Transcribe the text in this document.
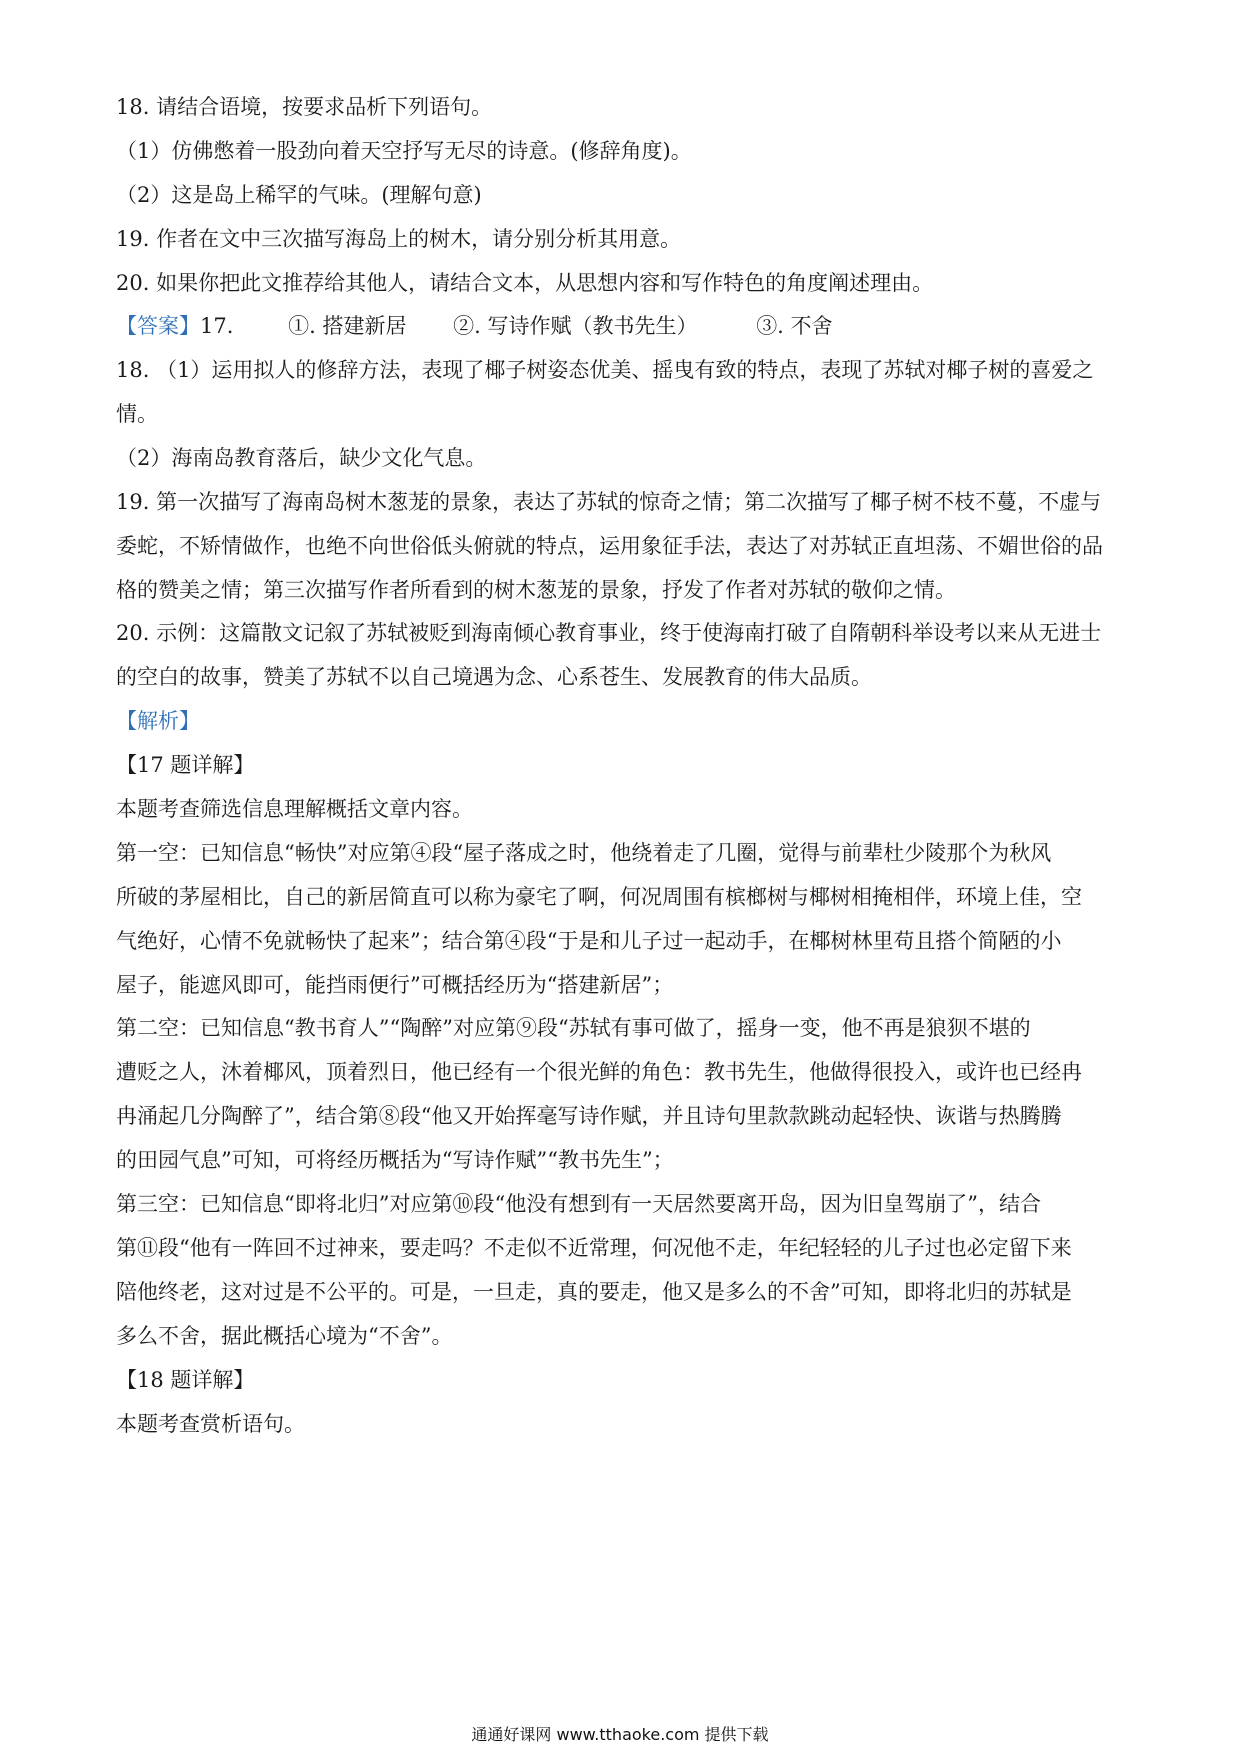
18. 请结合语境，按要求品析下列语句。
（1）仿佛憋着一股劲向着天空抒写无尽的诗意。(修辞角度)。
（2）这是岛上稀罕的气味。(理解句意)
19. 作者在文中三次描写海岛上的树木，请分别分析其用意。
20. 如果你把此文推荐给其他人，请结合文本，从思想内容和写作特色的角度阐述理由。
【答案】17.	①. 搭建新居 ②. 写诗作赋（教书先生）	③. 不舍
18. （1）运用拟人的修辞方法，表现了椰子树姿态优美、摇曳有致的特点，表现了苏轼对椰子树的喜爱之
情。
（2）海南岛教育落后，缺少文化气息。
19. 第一次描写了海南岛树木葱茏的景象，表达了苏轼的惊奇之情；第二次描写了椰子树不枝不蔓，不虚与
委蛇，不矫情做作，也绝不向世俗低头俯就的特点，运用象征手法，表达了对苏轼正直坦荡、不媚世俗的品
格的赞美之情；第三次描写作者所看到的树木葱茏的景象，抒发了作者对苏轼的敬仰之情。
20. 示例：这篇散文记叙了苏轼被贬到海南倾心教育事业，终于使海南打破了自隋朝科举设考以来从无进士
的空白的故事，赞美了苏轼不以自己境遇为念、心系苍生、发展教育的伟大品质。
【解析】
【17 题详解】
本题考查筛选信息理解概括文章内容。
第一空：已知信息“畅快”对应第④段“屋子落成之时，他绕着走了几圈，觉得与前辈杜少陵那个为秋风
所破的茅屋相比，自己的新居简直可以称为豪宅了啊，何况周围有槟榔树与椰树相掩相伴，环境上佳，空
气绝好，心情不免就畅快了起来”；结合第④段“于是和儿子过一起动手，在椰树林里苟且搭个简陋的小
屋子，能遮风即可，能挡雨便行”可概括经历为“搭建新居”；
第二空：已知信息“教书育人”“陶醉”对应第⑨段“苏轼有事可做了，摇身一变，他不再是狼狈不堪的
遭贬之人，沐着椰风，顶着烈日，他已经有一个很光鲜的角色：教书先生，他做得很投入，或许也已经冉
冉涌起几分陶醉了”，结合第⑧段“他又开始挥毫写诗作赋，并且诗句里款款跳动起轻快、诙谐与热腾腾
的田园气息”可知，可将经历概括为“写诗作赋”“教书先生”；
第三空：已知信息“即将北归”对应第⑩段“他没有想到有一天居然要离开岛，因为旧皇驾崩了”，结合
第⑪段“他有一阵回不过神来，要走吗？不走似不近常理，何况他不走，年纪轻轻的儿子过也必定留下来
陪他终老，这对过是不公平的。可是，一旦走，真的要走，他又是多么的不舍”可知，即将北归的苏轼是
多么不舍，据此概括心境为“不舍”。
【18 题详解】
本题考查赏析语句。
通通好课网 www.tthaoke.com 提供下载
